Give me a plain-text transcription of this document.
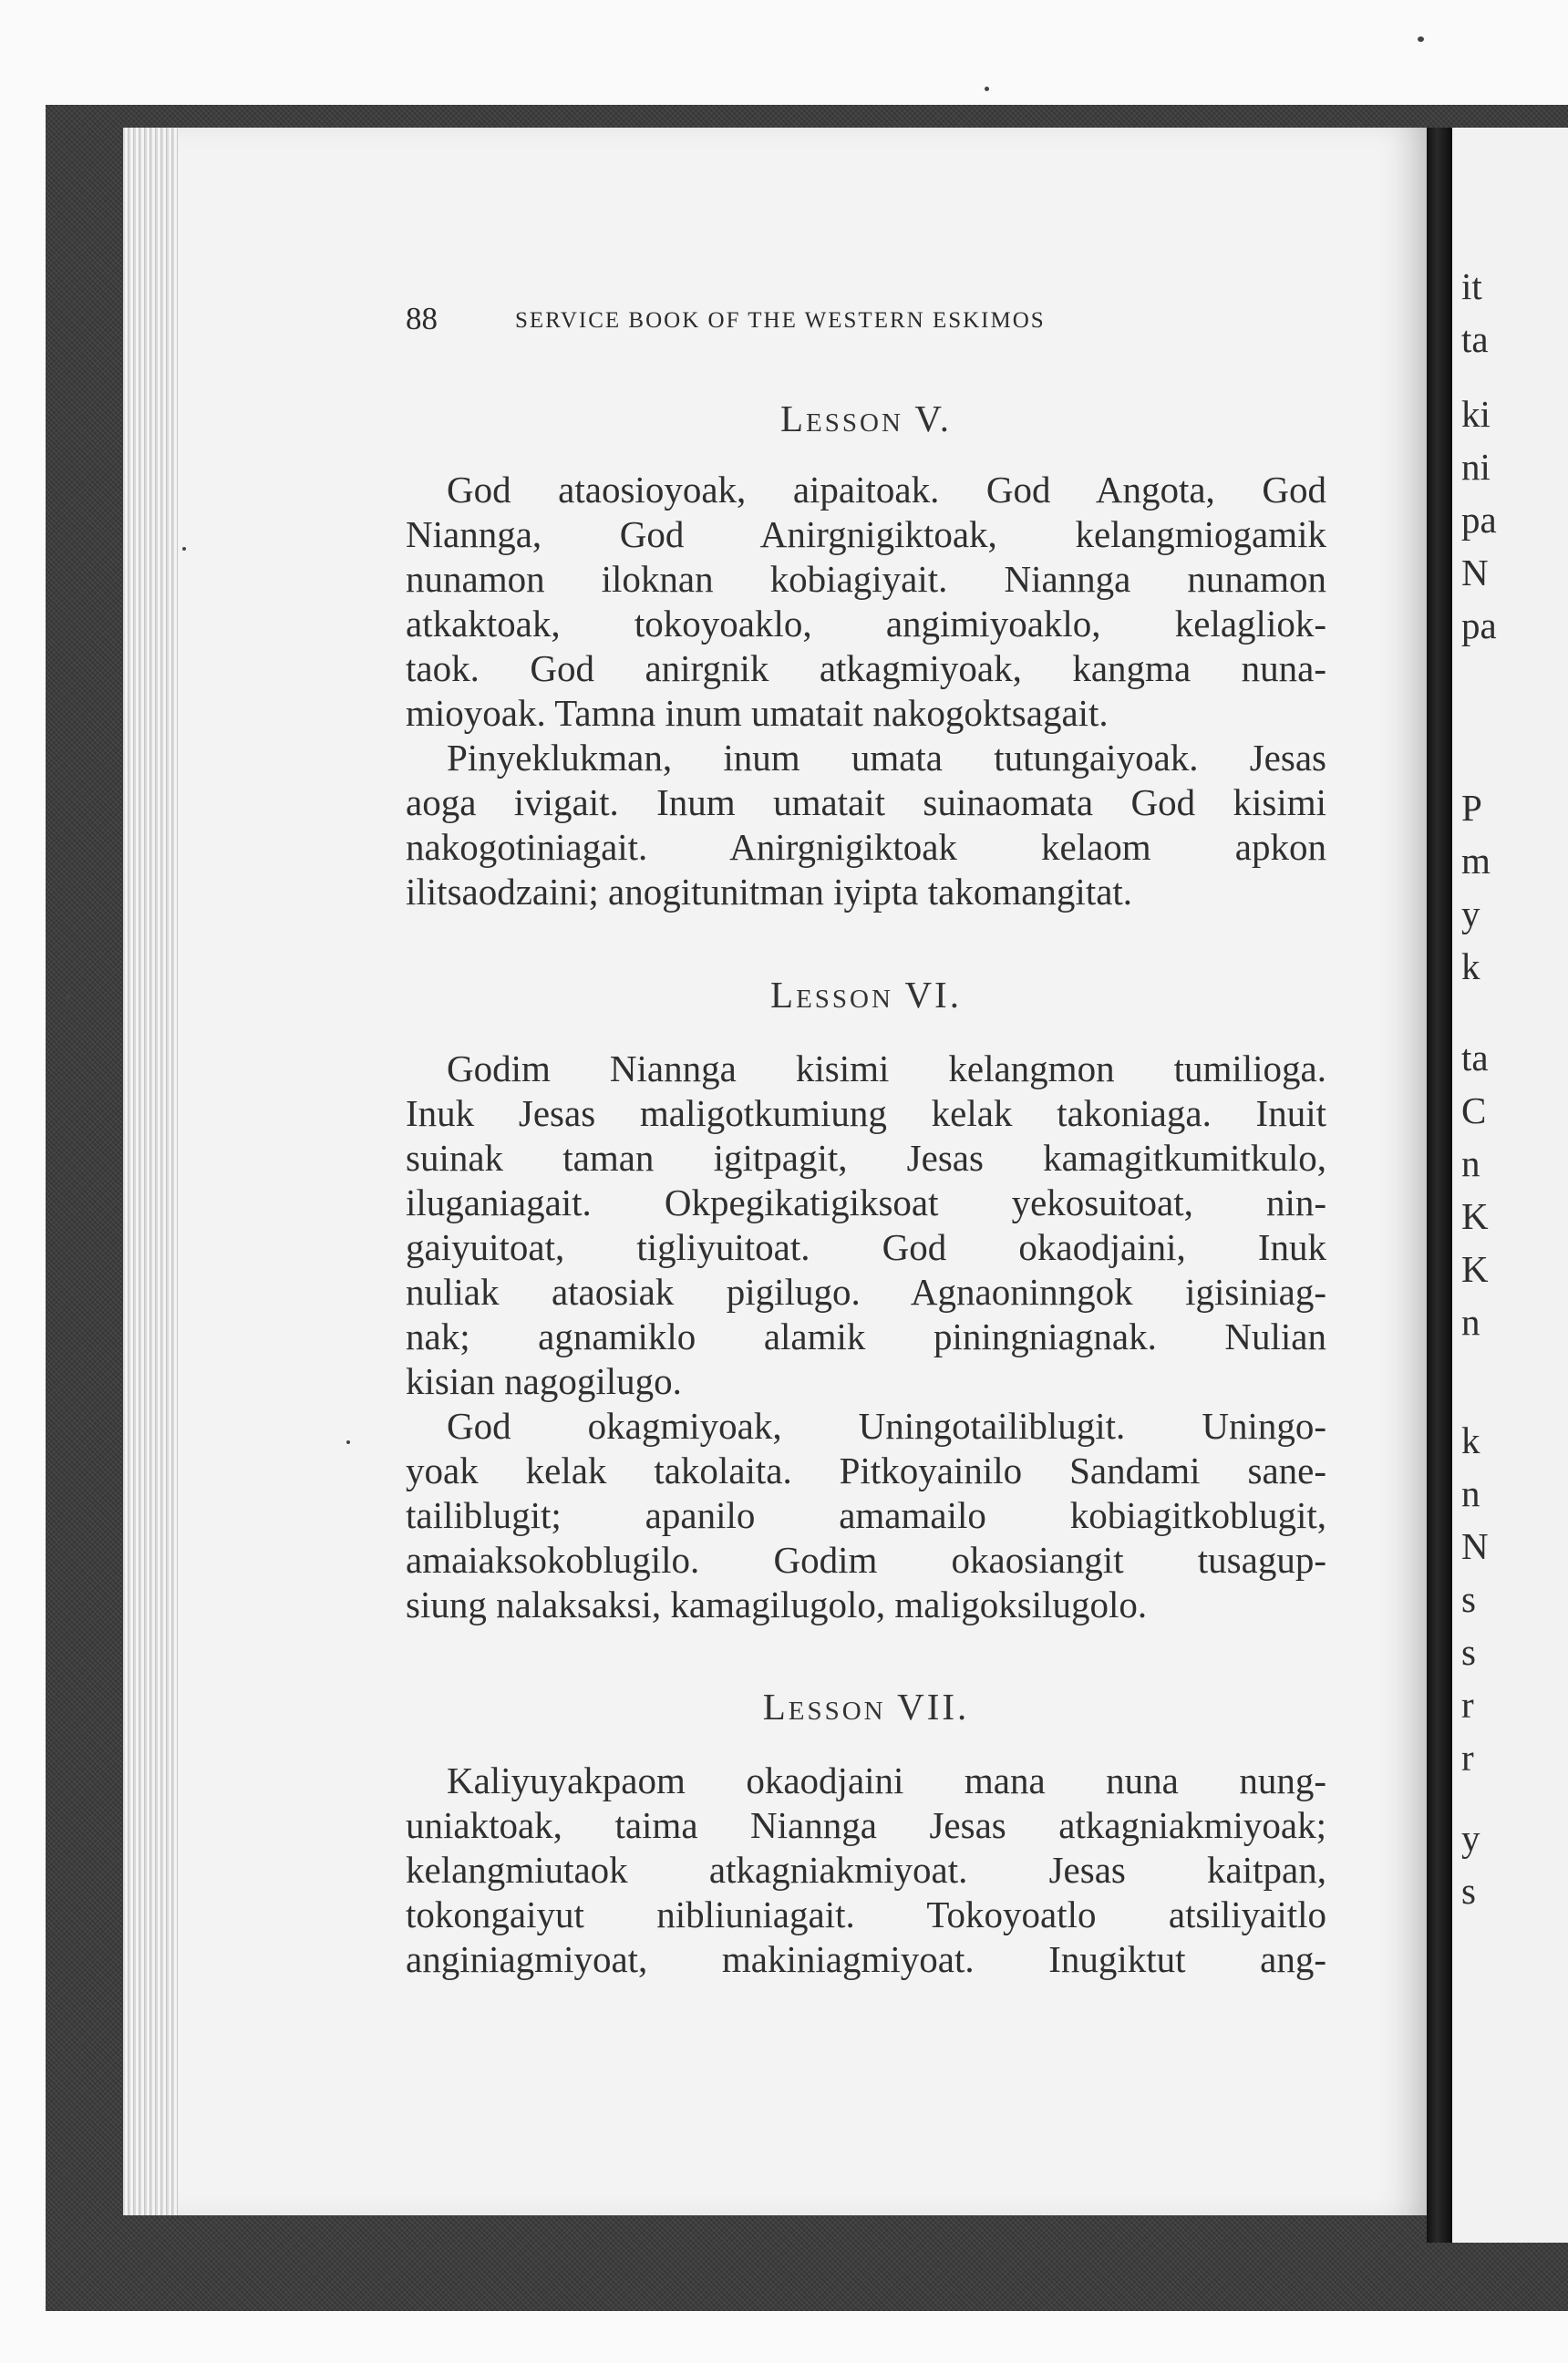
it
ta
ki
ni
pa
N
pa
P
m
y
k
ta
C
n
K
K
n
k
n
N
s
s
r
r
y
s
88	SERVICE BOOK OF THE WESTERN ESKIMOS
Lesson V.

God ataosioyoak, aipaitoak. God Angota, God
Niannga, God Anirgnigiktoak, kelangmiogamik
nunamon iloknan kobiagiyait. Niannga nunamon
atkaktoak, tokoyoaklo, angimiyoaklo, kelagliok-
taok. God anirgnik atkagmiyoak, kangma nuna-
mioyoak. Tamna inum umatait nakogoktsagait.

Pinyeklukman, inum umata tutungaiyoak. Jesas
aoga ivigait. Inum umatait suinaomata God kisimi
nakogotiniagait. Anirgnigiktoak kelaom apkon
ilitsaodzaini; anogitunitman iyipta takomangitat.

Lesson VI.

Godim Niannga kisimi kelangmon tumilioga.
Inuk Jesas maligotkumiung kelak takoniaga. Inuit
suinak taman igitpagit, Jesas kamagitkumitkulo,
iluganiagait. Okpegikatigiksoat yekosuitoat, nin-
gaiyuitoat, tigliyuitoat. God okaodjaini, Inuk
nuliak ataosiak pigilugo. Agnaoninngok igisiniag-
nak; agnamiklo alamik piningniagnak. Nulian
kisian nagogilugo.

God okagmiyoak, Uningotailiblugit. Uningo-
yoak kelak takolaita. Pitkoyainilo Sandami sane-
tailiblugit; apanilo amamailo kobiagitkoblugit,
amaiaksokoblugilo. Godim okaosiangit tusagup-
siung nalaksaksi, kamagilugolo, maligoksilugolo.

Lesson VII.

Kaliyuyakpaom okaodjaini mana nuna nung-
uniaktoak, taima Niannga Jesas atkagniakmiyoak;
kelangmiutaok atkagniakmiyoat. Jesas kaitpan,
tokongaiyut nibliuniagait. Tokoyoatlo atsiliyaitlo
anginiagmiyoat, makiniagmiyoat. Inugiktut ang-
